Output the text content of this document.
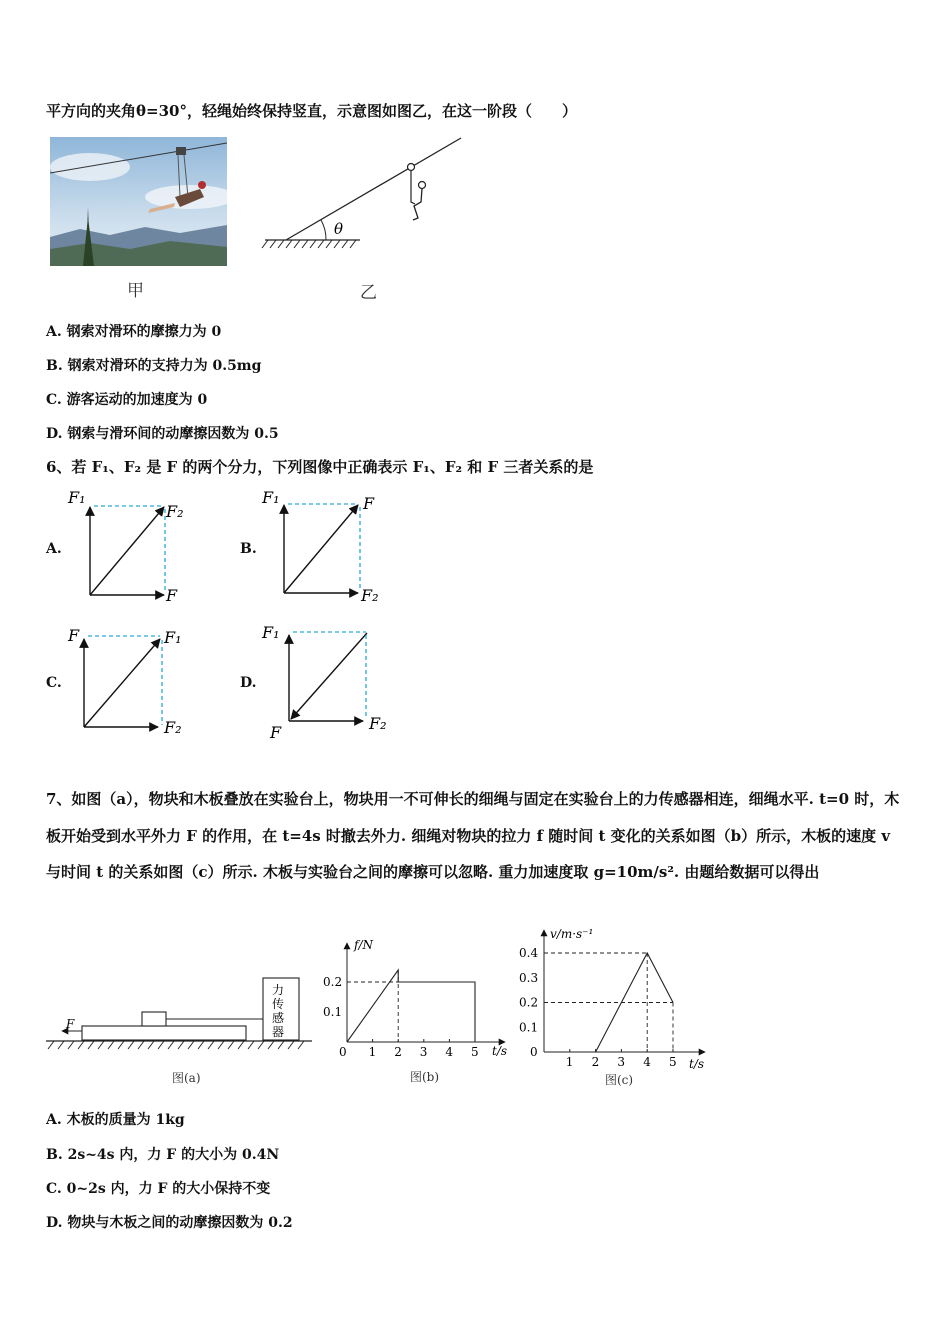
平方向的夹角θ=30°，轻绳始终保持竖直，示意图如图乙，在这一阶段（　　）
甲
θ
乙
A. 钢索对滑环的摩擦力为 0
B. 钢索对滑环的支持力为 0.5mg
C. 游客运动的加速度为 0
D. 钢索与滑环间的动摩擦因数为 0.5
6、若 F₁、F₂ 是 F 的两个分力，下列图像中正确表示 F₁、F₂ 和 F 三者关系的是
A.	B.
C.	D.
F₁
F₂
F
F₁	F
F₂
F	F₁
F₂
F₁
F	F₂
7、如图（a），物块和木板叠放在实验台上，物块用一不可伸长的细绳与固定在实验台上的力传感器相连，细绳水平. t=0 时，木板开始受到水平外力 F 的作用，在 t=4s 时撤去外力. 细绳对物块的拉力 f 随时间 t 变化的关系如图（b）所示，木板的速度 v 与时间 t 的关系如图（c）所示. 木板与实验台之间的摩擦可以忽略. 重力加速度取 g=10m/s². 由题给数据可以得出
力
传
感
器
F
图(a)
f/N
t/s
0 1 2 3 4 5
0.2
0.1
图(b)
v/m·s⁻¹
t/s
1 2 3 4 5
0.4
0.3
0.2
0.1
0
图(c)
A. 木板的质量为 1kg
B. 2s~4s 内，力 F 的大小为 0.4N
C. 0~2s 内，力 F 的大小保持不变
D. 物块与木板之间的动摩擦因数为 0.2
